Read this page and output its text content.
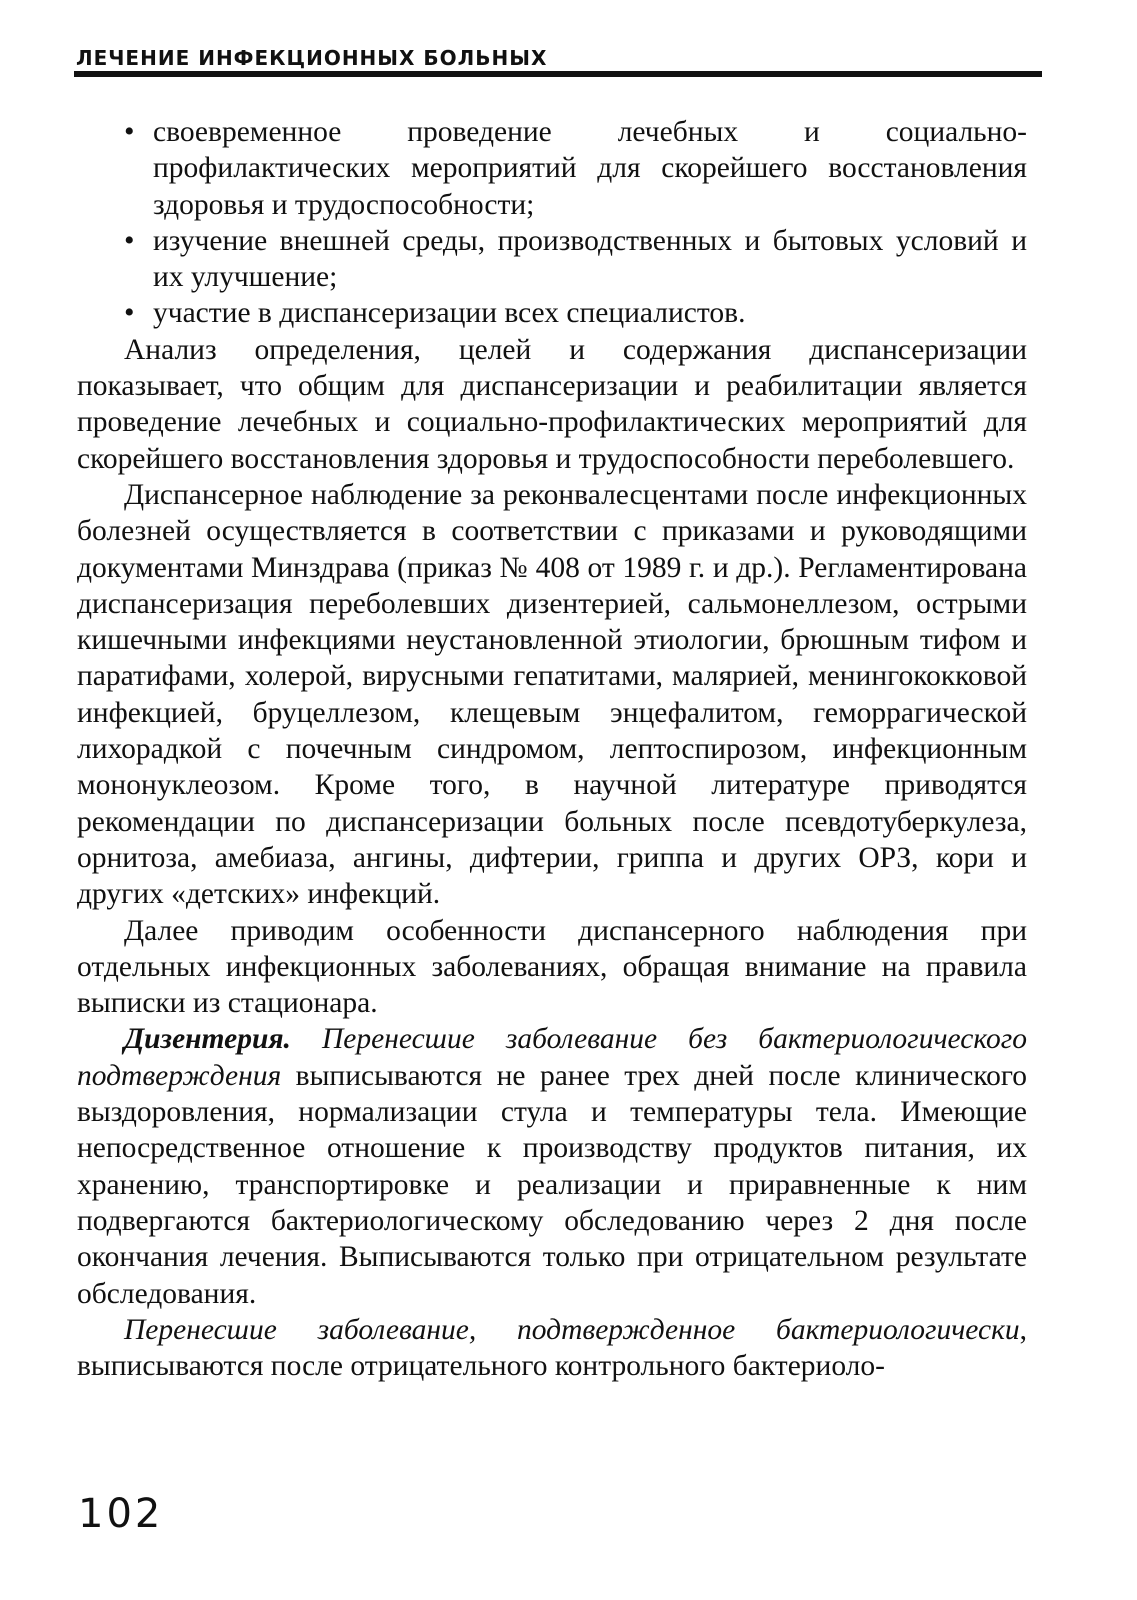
ЛЕЧЕНИЕ ИНФЕКЦИОННЫХ БОЛЬНЫХ
• своевременное проведение лечебных и социально-профилактических мероприятий для скорейшего восстановления здоровья и трудоспособности;
• изучение внешней среды, производственных и бытовых условий и их улучшение;
• участие в диспансеризации всех специалистов.

Анализ определения, целей и содержания диспансеризации показывает, что общим для диспансеризации и реабилитации является проведение лечебных и социально-профилактических мероприятий для скорейшего восстановления здоровья и трудоспособности переболевшего.

Диспансерное наблюдение за реконвалесцентами после инфекционных болезней осуществляется в соответствии с приказами и руководящими документами Минздрава (приказ № 408 от 1989 г. и др.). Регламентирована диспансеризация переболевших дизентерией, сальмонеллезом, острыми кишечными инфекциями неустановленной этиологии, брюшным тифом и паратифами, холерой, вирусными гепатитами, малярией, менингококковой инфекцией, бруцеллезом, клещевым энцефалитом, геморрагической лихорадкой с почечным синдромом, лептоспирозом, инфекционным мононуклеозом. Кроме того, в научной литературе приводятся рекомендации по диспансеризации больных после псевдотуберкулеза, орнитоза, амебиаза, ангины, дифтерии, гриппа и других ОРЗ, кори и других «детских» инфекций.

Далее приводим особенности диспансерного наблюдения при отдельных инфекционных заболеваниях, обращая внимание на правила выписки из стационара.

Дизентерия. Перенесшие заболевание без бактериологического подтверждения выписываются не ранее трех дней после клинического выздоровления, нормализации стула и температуры тела. Имеющие непосредственное отношение к производству продуктов питания, их хранению, транспортировке и реализации и приравненные к ним подвергаются бактериологическому обследованию через 2 дня после окончания лечения. Выписываются только при отрицательном результате обследования.

Перенесшие заболевание, подтвержденное бактериологически, выписываются после отрицательного контрольного бактериоло-

102
